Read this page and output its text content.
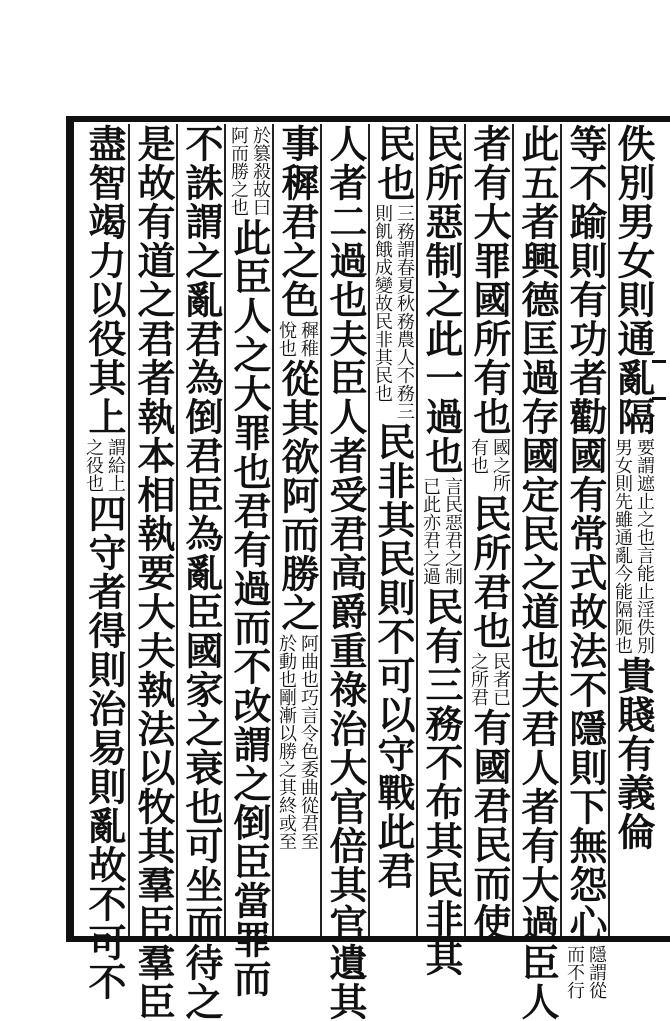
佚別男女則通亂隔
要謂遮止之也言能止淫佚別
男女則先雖通亂今能隔阨也
貴賤有義倫
等不踰則有功者勸國有常式故法不隱則下無怨心
隱謂從
而不行
此五者興德匡過存國定民之道也夫君人者有大過臣人
者有大罪國所有也
國之所
有也
民所君也
民者已
之所君
有國君民而使
民所惡制之此一過也
言民惡君之制
已此亦君之過
民有三務不布其民非其
民也
三務謂春夏秋務農人不務三
則飢餓成變故民非其民也
民非其民則不可以守戰此君
人者二過也夫臣人者受君高爵重祿治大官倍其官遺其
事穉君之色
穉稚
悅也
從其欲阿而勝之
阿曲也巧言令色委曲從君至
於動也剛漸以勝之其終或至
於篡殺故曰
阿而勝之也
此臣人之大罪也君有過而不改謂之倒臣當罪而
不誅謂之亂君為倒君臣為亂臣國家之衰也可坐而待之
是故有道之君者執本相執要大夫執法以牧其羣臣羣臣
盡智竭力以役其上
謂給上
之役也
四守者得則治易則亂故不可不
